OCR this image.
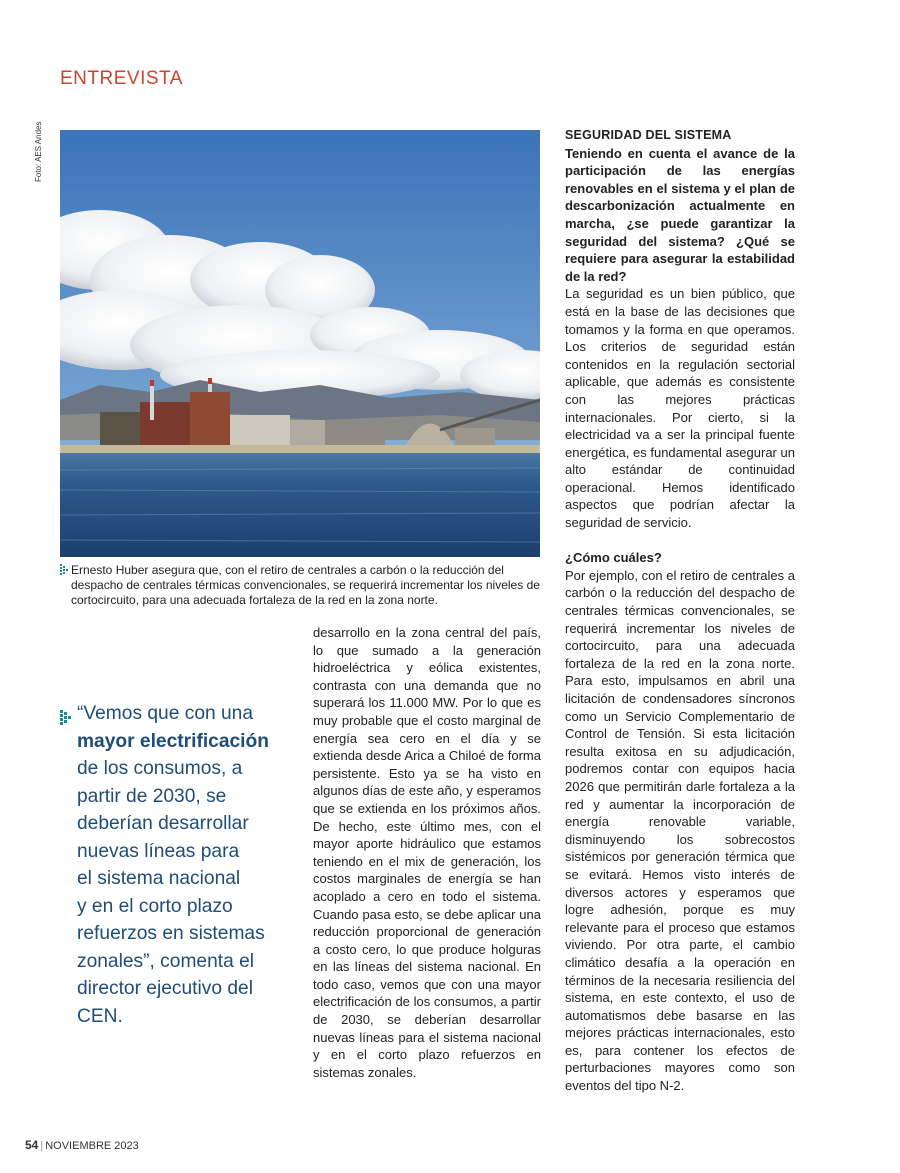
ENTREVISTA
Foto: AES Andes
Ernesto Huber asegura que, con el retiro de centrales a carbón o la reducción del despacho de centrales térmicas convencionales, se requerirá incrementar los niveles de cortocircuito, para una adecuada fortaleza de la red en la zona norte.
“Vemos que con una
mayor electrificación
de los consumos, a
partir de 2030, se
deberían desarrollar
nuevas líneas para
el sistema nacional
y en el corto plazo
refuerzos en sistemas
zonales”, comenta el
director ejecutivo del
CEN.
desarrollo en la zona central del país, lo que sumado a la generación hidroeléctrica y eólica existentes, contrasta con una demanda que no superará los 11.000 MW. Por lo que es muy probable que el costo marginal de energía sea cero en el día y se extienda desde Arica a Chiloé de forma persistente. Esto ya se ha visto en algunos días de este año, y esperamos que se extienda en los próximos años. De hecho, este último mes, con el mayor aporte hidráulico que estamos teniendo en el mix de generación, los costos marginales de energía se han acoplado a cero en todo el sistema. Cuando pasa esto, se debe aplicar una reducción proporcional de generación a costo cero, lo que produce holguras en las líneas del sistema nacional. En todo caso, vemos que con una mayor electrificación de los consumos, a partir de 2030, se deberían desarrollar nuevas líneas para el sistema nacional y en el corto plazo refuerzos en sistemas zonales.
SEGURIDAD DEL SISTEMA
Teniendo en cuenta el avance de la participación de las energías renovables en el sistema y el plan de descarbonización actualmente en marcha, ¿se puede garantizar la seguridad del sistema? ¿Qué se requiere para asegurar la estabilidad de la red?

La seguridad es un bien público, que está en la base de las decisiones que tomamos y la forma en que operamos. Los criterios de seguridad están contenidos en la regulación sectorial aplicable, que además es consistente con las mejores prácticas internacionales. Por cierto, si la electricidad va a ser la principal fuente energética, es fundamental asegurar un alto estándar de continuidad operacional. Hemos identificado aspectos que podrían afectar la seguridad de servicio.

¿Cómo cuáles?

Por ejemplo, con el retiro de centrales a carbón o la reducción del despacho de centrales térmicas convencionales, se requerirá incrementar los niveles de cortocircuito, para una adecuada fortaleza de la red en la zona norte. Para esto, impulsamos en abril una licitación de condensadores síncronos como un Servicio Complementario de Control de Tensión. Si esta licitación resulta exitosa en su adjudicación, podremos contar con equipos hacia 2026 que permitirán darle fortaleza a la red y aumentar la incorporación de energía renovable variable, disminuyendo los sobrecostos sistémicos por generación térmica que se evitará. Hemos visto interés de diversos actores y esperamos que logre adhesión, porque es muy relevante para el proceso que estamos viviendo. Por otra parte, el cambio climático desafía a la operación en términos de la necesaria resiliencia del sistema, en este contexto, el uso de automatismos debe basarse en las mejores prácticas internacionales, esto es, para contener los efectos de perturbaciones mayores como son eventos del tipo N-2.

54 | NOVIEMBRE 2023
